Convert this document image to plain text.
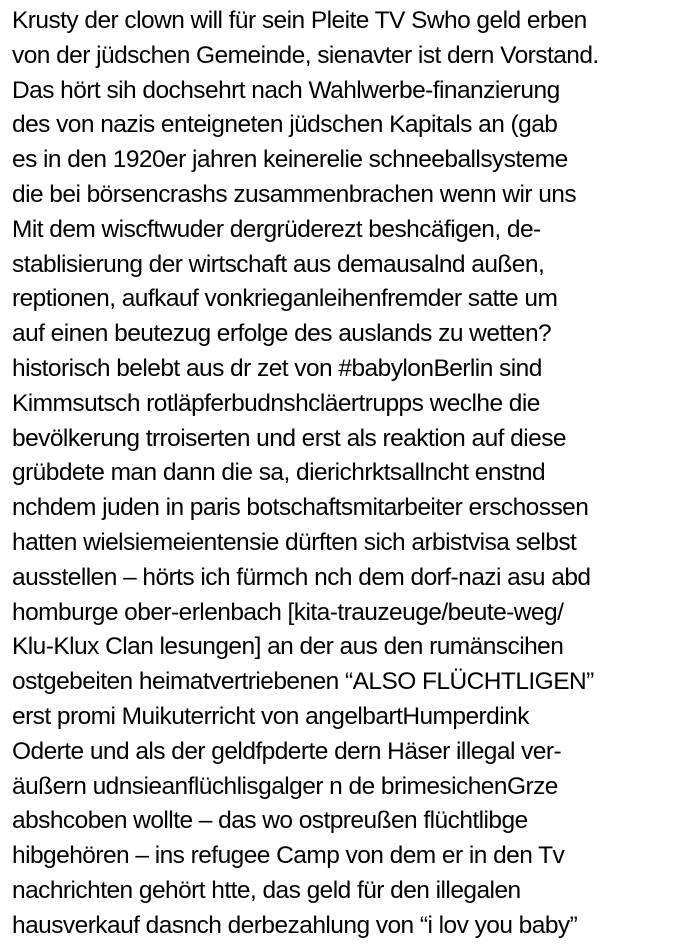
Krusty der clown will für sein Pleite TV Swho geld erben
von der jüdschen Gemeinde, sienavter ist dern Vorstand.
Das hört sih dochsehrt nach Wahlwerbe-finanzierung
des von nazis enteigneten jüdschen Kapitals an (gab
es in den 1920er jahren keinerelie schneeballsysteme
die bei börsencrashs zusammenbrachen wenn wir uns
Mit dem wiscftwuder dergrüderezt beshcäfigen, de-
stablisierung der wirtschaft aus demausalnd außen,
reptionen, aufkauf vonkrieganleihenfremder satte um
auf einen beutezug erfolge des auslands zu wetten?
historisch belebt aus dr zet von #babylonBerlin sind
Kimmsutsch rotläpferbudnshcläertrupps weclhe die
bevölkerung trroiserten und erst als reaktion auf diese
grübdete man dann die sa, dierichrktsallncht enstnd
nchdem juden in paris botschaftsmitarbeiter erschossen
hatten wielsiemeientensie dürften sich arbistvisa selbst
ausstellen – hörts ich fürmch nch dem dorf-nazi asu abd
homburge ober-erlenbach [kita-trauzeuge/beute-weg/
Klu-Klux Clan lesungen] an der aus den rumänscihen
ostgebeiten heimatvertriebenen “ALSO FLÜCHTLIGEN”
erst promi Muikuterricht von angelbartHumperdink
Oderte und als der geldfpderte dern Häser illegal ver-
äußern udnsieanflüchlisgalger n de brimesichenGrze
abshcoben wollte – das wo ostpreußen flüchtlibge
hibgehören – ins refugee Camp von dem er in den Tv
nachrichten gehört htte, das geld für den illegalen
hausverkauf dasnch derbezahlung von “i lov you baby”
